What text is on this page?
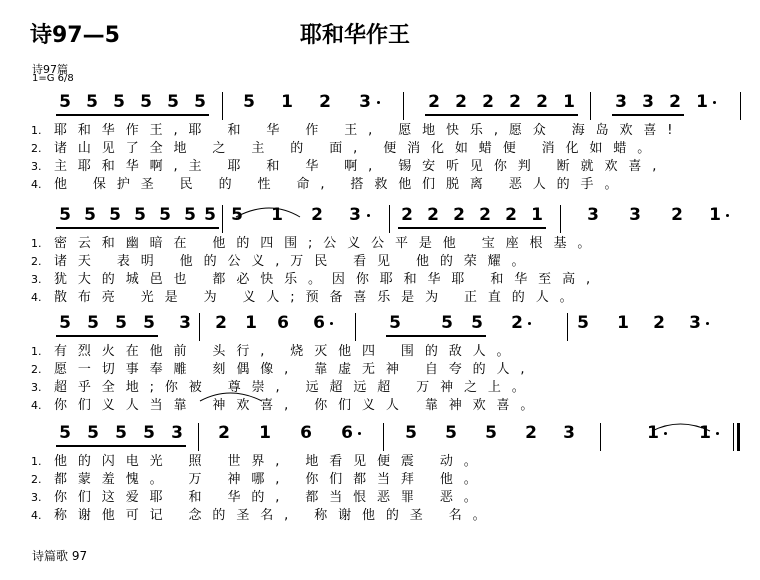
诗97—5	耶和华作王
诗97篇
1=G 6/8
5 5 5 5 5 5 5 1 2 3	2 2 2 2 2 1 3 3 2 1
1. 耶和华作王,耶 和 华 作 王, 愿地快乐,愿众 海岛欢喜!
2. 诸山见了全地 之 主 的 面, 便消化如蜡便 消化如蜡。
3. 主耶和华啊,主 耶 和 华 啊, 锡安听见你判 断就欢喜,
4. 他 保护圣 民 的 性 命, 搭救他们脱离 恶人的手。
5 5 5 5 5 5 5 5 1 2 3 2 2 2 2 2 1	3 3 2 1
1. 密云和幽暗在 他的四围;公义公平是他 宝座根基。
2. 诸天 表明 他的公义,万民 看见 他的荣耀。
3. 犹大的城邑也 都必快乐。因你耶和华耶 和华至高,
4. 散布亮 光是 为 义人;预备喜乐是为 正直的人。
5 5 5 5 3 2 1 6 6	5 5 5 2	5 1 2 3
1. 有烈火在他前 头行, 烧灭他四 围的敌人。
2. 愿一切事奉雕 刻偶像, 靠虚无神 自夸的人,
3. 超乎全地;你被 尊崇, 远超远超 万神之上。
4. 你们义人当靠 神欢喜, 你们义人 靠神欢喜。
5 5 5 5 3 2 1 6 6	5 5 5 2 3	1 1
1. 他的闪电光 照 世界, 地看见便震 动。
2. 都蒙羞愧。 万 神哪, 你们都当拜 他。
3. 你们这爱耶 和 华的, 都当恨恶罪 恶。
4. 称谢他可记 念的圣名, 称谢他的圣 名。
诗篇歌 97
